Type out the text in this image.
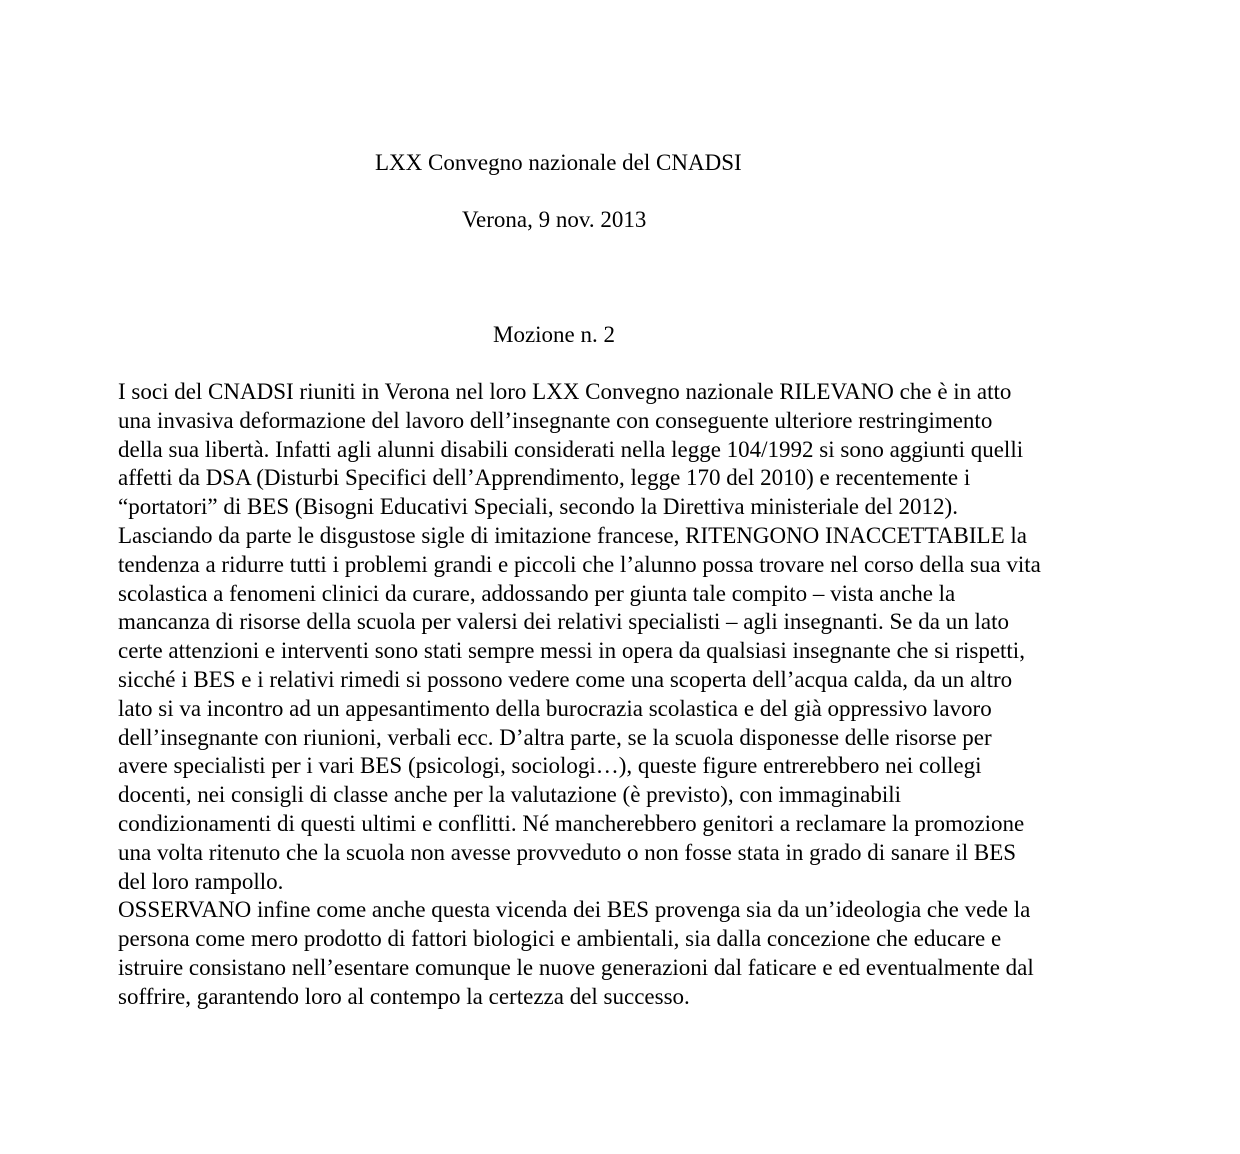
LXX Convegno nazionale del CNADSI
Verona, 9 nov. 2013
Mozione n. 2
I soci del CNADSI riuniti in Verona nel loro LXX Convegno nazionale RILEVANO che è in atto
una invasiva deformazione del lavoro dell’insegnante con conseguente ulteriore restringimento
della sua libertà. Infatti agli alunni disabili considerati nella legge 104/1992 si sono aggiunti quelli
affetti da DSA (Disturbi Specifici dell’Apprendimento, legge 170 del 2010) e recentemente i
“portatori” di BES (Bisogni Educativi Speciali, secondo la Direttiva ministeriale del 2012).
Lasciando da parte le disgustose sigle di imitazione francese, RITENGONO INACCETTABILE la
tendenza a ridurre tutti i problemi grandi e piccoli che l’alunno possa trovare nel corso della sua vita
scolastica a fenomeni clinici da curare, addossando per giunta tale compito – vista anche la
mancanza di risorse della scuola per valersi dei relativi specialisti – agli insegnanti. Se da un lato
certe attenzioni e interventi sono stati sempre messi in opera da qualsiasi insegnante che si rispetti,
sicché i BES e i relativi rimedi si possono vedere come una scoperta dell’acqua calda, da un altro
lato si va incontro ad un appesantimento della burocrazia scolastica e del già oppressivo lavoro
dell’insegnante con riunioni, verbali ecc. D’altra parte, se la scuola disponesse delle risorse per
avere specialisti per i vari BES (psicologi, sociologi…), queste figure entrerebbero nei collegi
docenti, nei consigli di classe anche per la valutazione (è previsto), con immaginabili
condizionamenti di questi ultimi e conflitti. Né mancherebbero genitori a reclamare la promozione
una volta ritenuto che la scuola non avesse provveduto o non fosse stata in grado di sanare il BES
del loro rampollo.
OSSERVANO infine come anche questa vicenda dei BES provenga sia da un’ideologia che vede la
persona come mero prodotto di fattori biologici e ambientali, sia dalla concezione che educare e
istruire consistano nell’esentare comunque le nuove generazioni dal faticare e ed eventualmente dal
soffrire, garantendo loro al contempo la certezza del successo.
